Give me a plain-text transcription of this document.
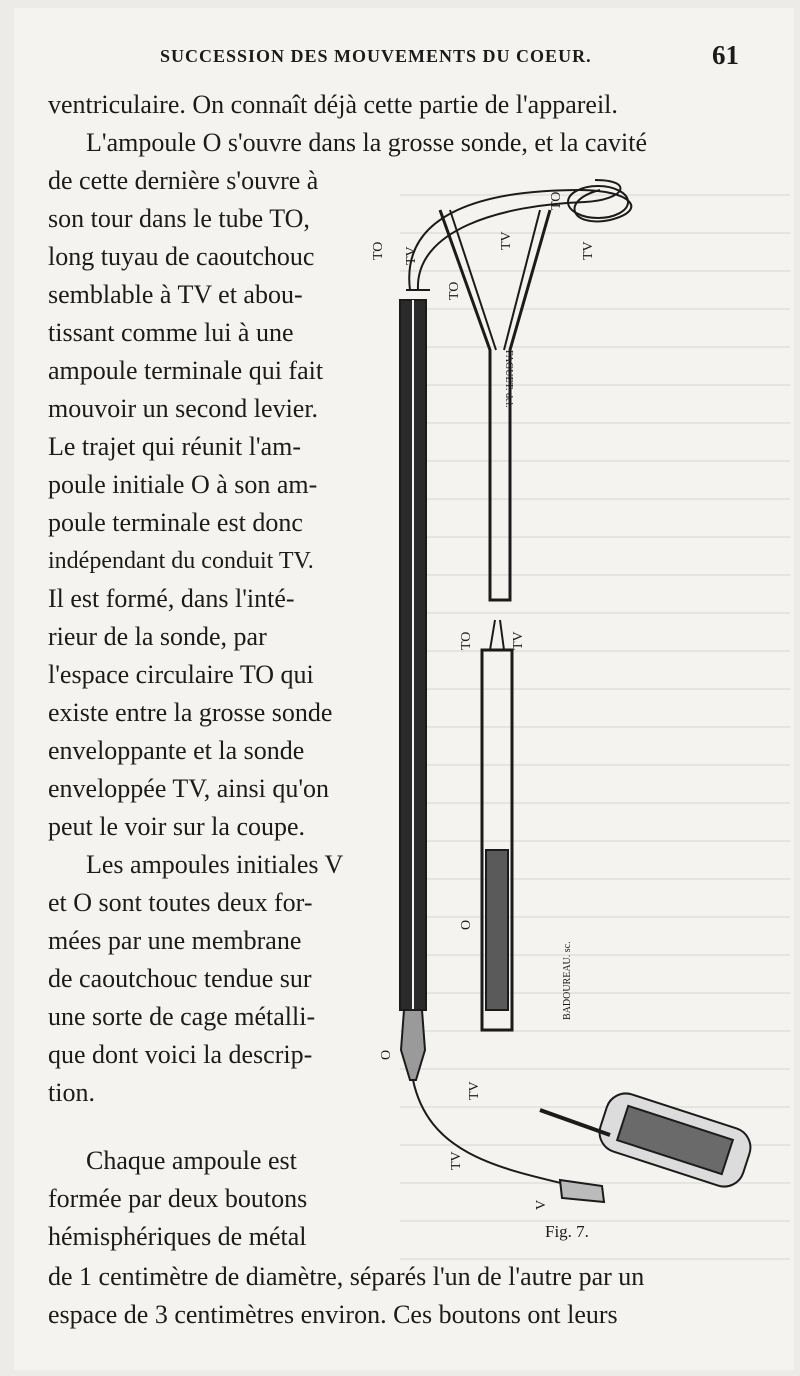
SUCCESSION DES MOUVEMENTS DU COEUR.	61
ventriculaire. On connaît déjà cette partie de l'appareil.
L'ampoule O s'ouvre dans la grosse sonde, et la cavité
de cette dernière s'ouvre à
son tour dans le tube TO,
long tuyau de caoutchouc
semblable à TV et abou-
tissant comme lui à une
ampoule terminale qui fait
mouvoir un second levier.
Le trajet qui réunit l'am-
poule initiale O à son am-
poule terminale est donc
indépendant du conduit TV.
Il est formé, dans l'inté-
rieur de la sonde, par
l'espace circulaire TO qui
existe entre la grosse sonde
enveloppante et la sonde
enveloppée TV, ainsi qu'on
peut le voir sur la coupe.
Les ampoules initiales V
et O sont toutes deux for-
mées par une membrane
de caoutchouc tendue sur
une sorte de cage métalli-
que dont voici la descrip-
tion.
Chaque ampoule est
formée par deux boutons
hémisphériques de métal
de 1 centimètre de diamètre, séparés l'un de l'autre par un
espace de 3 centimètres environ. Ces boutons ont leurs
TO TV
TO
TV
TO
TV
TO	TV
O
O
TV
TV
V
FAGUET. del.
BADOUREAU. sc.
Fig. 7.
